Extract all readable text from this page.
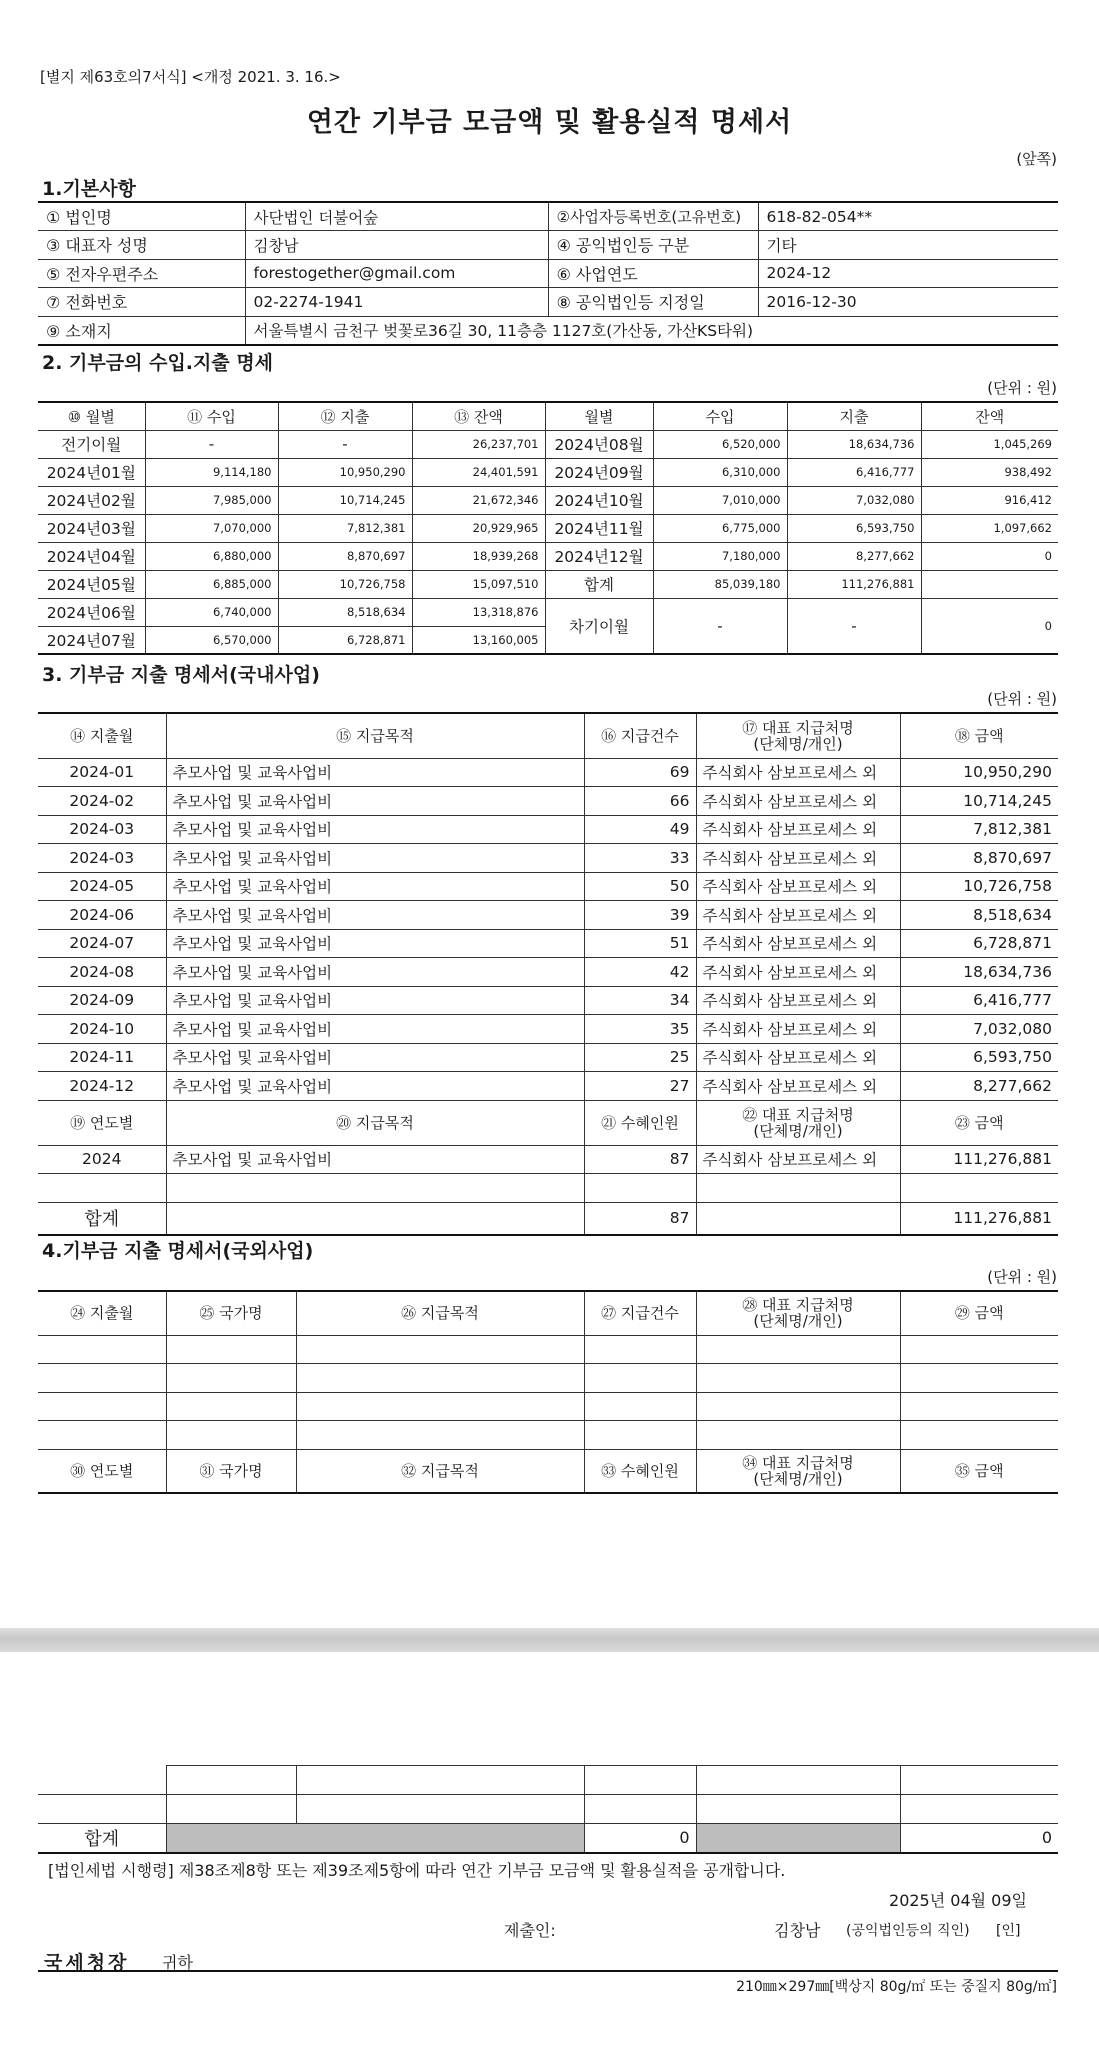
[별지 제63호의7서식] <개정 2021. 3. 16.>
연간 기부금 모금액 및 활용실적 명세서
(앞쪽)
1.기본사항
① 법인명	사단법인 더불어숲	②사업자등록번호(고유번호)	618-82-054**
③ 대표자 성명	김창남	④ 공익법인등 구분	기타
⑤ 전자우편주소	forestogether@gmail.com	⑥ 사업연도	2024-12
⑦ 전화번호	02-2274-1941	⑧ 공익법인등 지정일	2016-12-30
⑨ 소재지	서울특별시 금천구 벚꽃로36길 30, 11층층 1127호(가산동, 가산KS타워)		
2. 기부금의 수입.지출 명세
(단위 : 원)
⑩ 월별	⑪ 수입	⑫ 지출	⑬ 잔액	월별	수입	지출	잔액
전기이월	-	-	26,237,701	2024년08월	6,520,000	18,634,736	1,045,269
2024년01월	9,114,180	10,950,290	24,401,591	2024년09월	6,310,000	6,416,777	938,492
2024년02월	7,985,000	10,714,245	21,672,346	2024년10월	7,010,000	7,032,080	916,412
2024년03월	7,070,000	7,812,381	20,929,965	2024년11월	6,775,000	6,593,750	1,097,662
2024년04월	6,880,000	8,870,697	18,939,268	2024년12월	7,180,000	8,277,662	0
2024년05월	6,885,000	10,726,758	15,097,510	합계	85,039,180	111,276,881	
2024년06월	6,740,000	8,518,634	13,318,876	차기이월	-	-	0
2024년07월	6,570,000	6,728,871	13,160,005				
3. 기부금 지출 명세서(국내사업)
(단위 : 원)
⑭ 지출월	⑮ 지급목적	⑯ 지급건수	⑰ 대표 지급처명
(단체명/개인)	⑱ 금액
2024-01	추모사업 및 교육사업비	69	주식회사 삼보프로세스 외	10,950,290
2024-02	추모사업 및 교육사업비	66	주식회사 삼보프로세스 외	10,714,245
2024-03	추모사업 및 교육사업비	49	주식회사 삼보프로세스 외	7,812,381
2024-03	추모사업 및 교육사업비	33	주식회사 삼보프로세스 외	8,870,697
2024-05	추모사업 및 교육사업비	50	주식회사 삼보프로세스 외	10,726,758
2024-06	추모사업 및 교육사업비	39	주식회사 삼보프로세스 외	8,518,634
2024-07	추모사업 및 교육사업비	51	주식회사 삼보프로세스 외	6,728,871
2024-08	추모사업 및 교육사업비	42	주식회사 삼보프로세스 외	18,634,736
2024-09	추모사업 및 교육사업비	34	주식회사 삼보프로세스 외	6,416,777
2024-10	추모사업 및 교육사업비	35	주식회사 삼보프로세스 외	7,032,080
2024-11	추모사업 및 교육사업비	25	주식회사 삼보프로세스 외	6,593,750
2024-12	추모사업 및 교육사업비	27	주식회사 삼보프로세스 외	8,277,662
⑲ 연도별	⑳ 지급목적	㉑ 수혜인원	㉒ 대표 지급처명
(단체명/개인)	㉓ 금액
2024	추모사업 및 교육사업비	87	주식회사 삼보프로세스 외	111,276,881

합계		87		111,276,881
4.기부금 지출 명세서(국외사업)
(단위 : 원)
㉔ 지출월	㉕ 국가명	㉖ 지급목적	㉗ 지급건수	㉘ 대표 지급처명
(단체명/개인)	㉙ 금액

㉚ 연도별	㉛ 국가명	㉜ 지급목적	㉝ 수혜인원	㉞ 대표 지급처명
(단체명/개인)	㉟ 금액

합계			0		0
[법인세법 시행령] 제38조제8항 또는 제39조제5항에 따라 연간 기부금 모금액 및 활용실적을 공개합니다.
2025년 04월 09일
제출인:	김창남 (공익법인등의 직인) [인]
국세청장 귀하
210㎜×297㎜[백상지 80g/㎡ 또는 중질지 80g/㎡]
